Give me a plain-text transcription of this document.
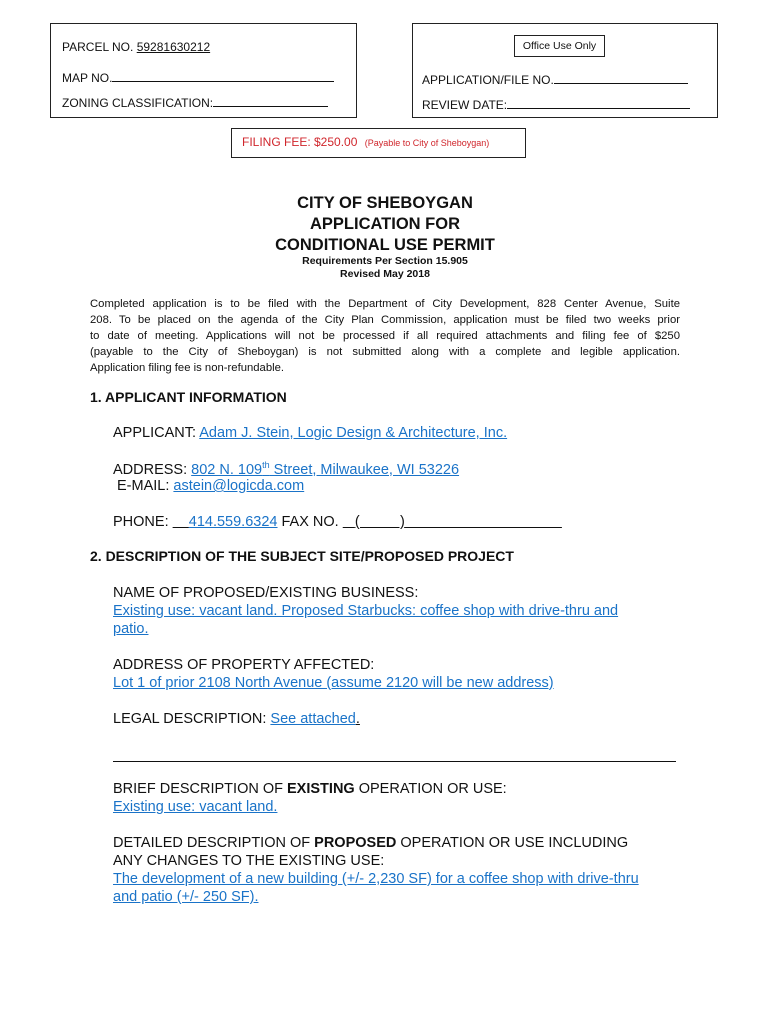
PARCEL NO. 59281630212
MAP NO.
ZONING CLASSIFICATION:
Office Use Only
APPLICATION/FILE NO.
REVIEW DATE:
FILING FEE: $250.00 (Payable to City of Sheboygan)
CITY OF SHEBOYGAN
APPLICATION FOR
CONDITIONAL USE PERMIT
Requirements Per Section 15.905
Revised May 2018
Completed application is to be filed with the Department of City Development, 828 Center Avenue, Suite
208. To be placed on the agenda of the City Plan Commission, application must be filed two weeks prior
to date of meeting. Applications will not be processed if all required attachments and filing fee of $250
(payable to the City of Sheboygan) is not submitted along with a complete and legible application.
Application filing fee is non-refundable.
1. APPLICANT INFORMATION
APPLICANT: Adam J. Stein, Logic Design & Architecture, Inc.
ADDRESS: 802 N. 109th Street, Milwaukee, WI 53226
E-MAIL: astein@logicda.com
PHONE: 414.559.6324 FAX NO. (          )
2. DESCRIPTION OF THE SUBJECT SITE/PROPOSED PROJECT
NAME OF PROPOSED/EXISTING BUSINESS:
Existing use: vacant land. Proposed Starbucks: coffee shop with drive-thru and
patio.
ADDRESS OF PROPERTY AFFECTED:
Lot 1 of prior 2108 North Avenue (assume 2120 will be new address)
LEGAL DESCRIPTION: See attached.
BRIEF DESCRIPTION OF EXISTING OPERATION OR USE:
Existing use: vacant land.
DETAILED DESCRIPTION OF PROPOSED OPERATION OR USE INCLUDING
ANY CHANGES TO THE EXISTING USE:
The development of a new building (+/- 2,230 SF) for a coffee shop with drive-thru
and patio (+/- 250 SF).
